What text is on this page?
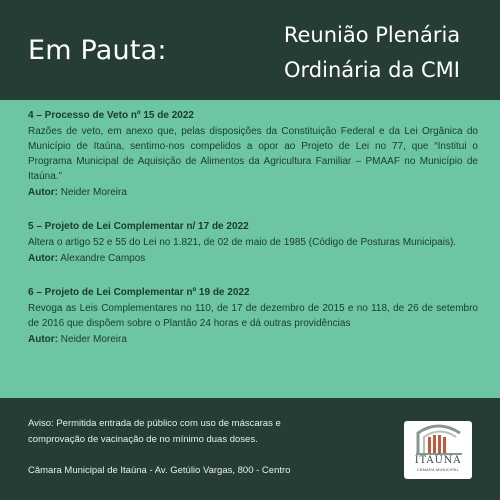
Em Pauta:	Reunião Plenária
Ordinária da CMI
4 – Processo de Veto nº 15 de 2022
Razões de veto, em anexo que, pelas disposições da Constituição Federal e da Lei Orgânica do Município de Itaúna, sentimo-nos compelidos a opor ao Projeto de Lei no 77, que “Institui o Programa Municipal de Aquisição de Alimentos da Agricultura Familiar – PMAAF no Município de Itaúna.”
Autor: Neider Moreira
5 – Projeto de Lei Complementar n/ 17 de 2022
Altera o artigo 52 e 55 do Lei no 1.821, de 02 de maio de 1985 (Código de Posturas Municipais).
Autor: Alexandre Campos
6 – Projeto de Lei Complementar nº 19 de 2022
Revoga as Leis Complementares no 110, de 17 de dezembro de 2015 e no 118, de 26 de setembro de 2016 que dispõem sobre o Plantão 24 horas e dá outras providências
Autor: Neider Moreira
Aviso: Permitida entrada de público com uso de máscaras e
comprovação de vacinação de no mínimo duas doses.
Câmara Municipal de Itaúna - Av. Getúlio Vargas, 800 - Centro
ITAÚNA
CÂMARA MUNICIPAL
